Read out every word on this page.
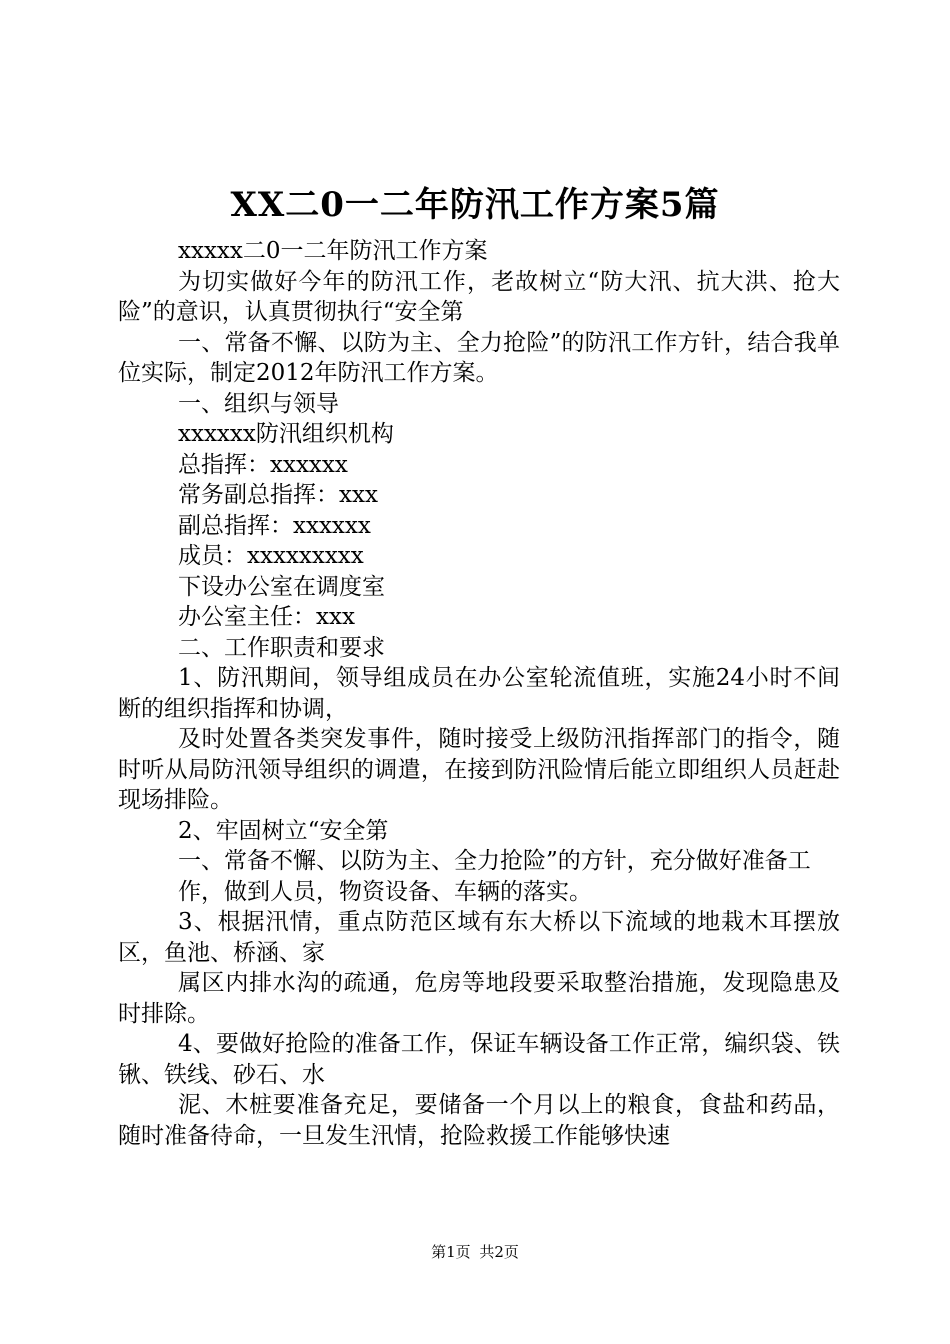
XX二0一二年防汛工作方案5篇

xxxxx二0一二年防汛工作方案

为切实做好今年的防汛工作，老故树立“防大汛、抗大洪、抢大险”的意识，认真贯彻执行“安全第

一、常备不懈、以防为主、全力抢险”的防汛工作方针，结合我单位实际，制定2012年防汛工作方案。

一、组织与领导

xxxxxx防汛组织机构

总指挥：xxxxxx

常务副总指挥：xxx

副总指挥：xxxxxx

成员：xxxxxxxxx

下设办公室在调度室

办公室主任：xxx

二、工作职责和要求

1、防汛期间，领导组成员在办公室轮流值班，实施24小时不间断的组织指挥和协调，

及时处置各类突发事件，随时接受上级防汛指挥部门的指令，随时听从局防汛领导组织的调遣，在接到防汛险情后能立即组织人员赶赴现场排险。

2、牢固树立“安全第

一、常备不懈、以防为主、全力抢险”的方针，充分做好准备工

作，做到人员，物资设备、车辆的落实。

3、根据汛情，重点防范区域有东大桥以下流域的地栽木耳摆放区，鱼池、桥涵、家

属区内排水沟的疏通，危房等地段要采取整治措施，发现隐患及时排除。

4、要做好抢险的准备工作，保证车辆设备工作正常，编织袋、铁锹、铁线、砂石、水

泥、木桩要准备充足，要储备一个月以上的粮食，食盐和药品，随时准备待命，一旦发生汛情，抢险救援工作能够快速

第1页 共2页
